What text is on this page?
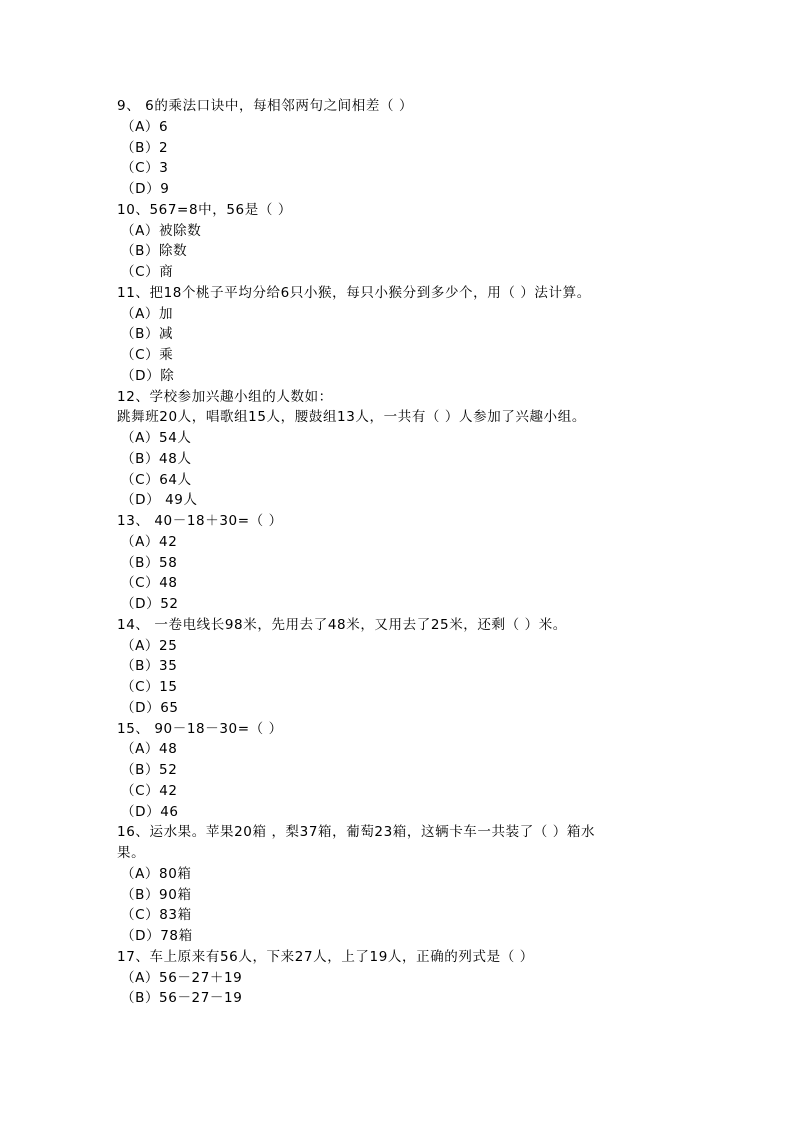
9、 6的乘法口诀中，每相邻两句之间相差（ ）
（A）6
（B）2
（C）3
（D）9
10、567=8中，56是（ ）
（A）被除数
（B）除数
（C）商
11、把18个桃子平均分给6只小猴，每只小猴分到多少个，用（ ）法计算。
（A）加
（B）减
（C）乘
（D）除
12、学校参加兴趣小组的人数如：
跳舞班20人，唱歌组15人，腰鼓组13人，一共有（ ）人参加了兴趣小组。
（A）54人
（B）48人
（C）64人
（D） 49人
13、 40－18＋30=（ ）
（A）42
（B）58
（C）48
（D）52
14、 一卷电线长98米，先用去了48米，又用去了25米，还剩（ ）米。
（A）25
（B）35
（C）15
（D）65
15、 90－18－30=（ ）
（A）48
（B）52
（C）42
（D）46
16、运水果。苹果20箱 ，梨37箱，葡萄23箱，这辆卡车一共装了（ ）箱水
果。
（A）80箱
（B）90箱
（C）83箱
（D）78箱
17、车上原来有56人，下来27人，上了19人，正确的列式是（ ）
（A）56－27＋19
（B）56－27－19
